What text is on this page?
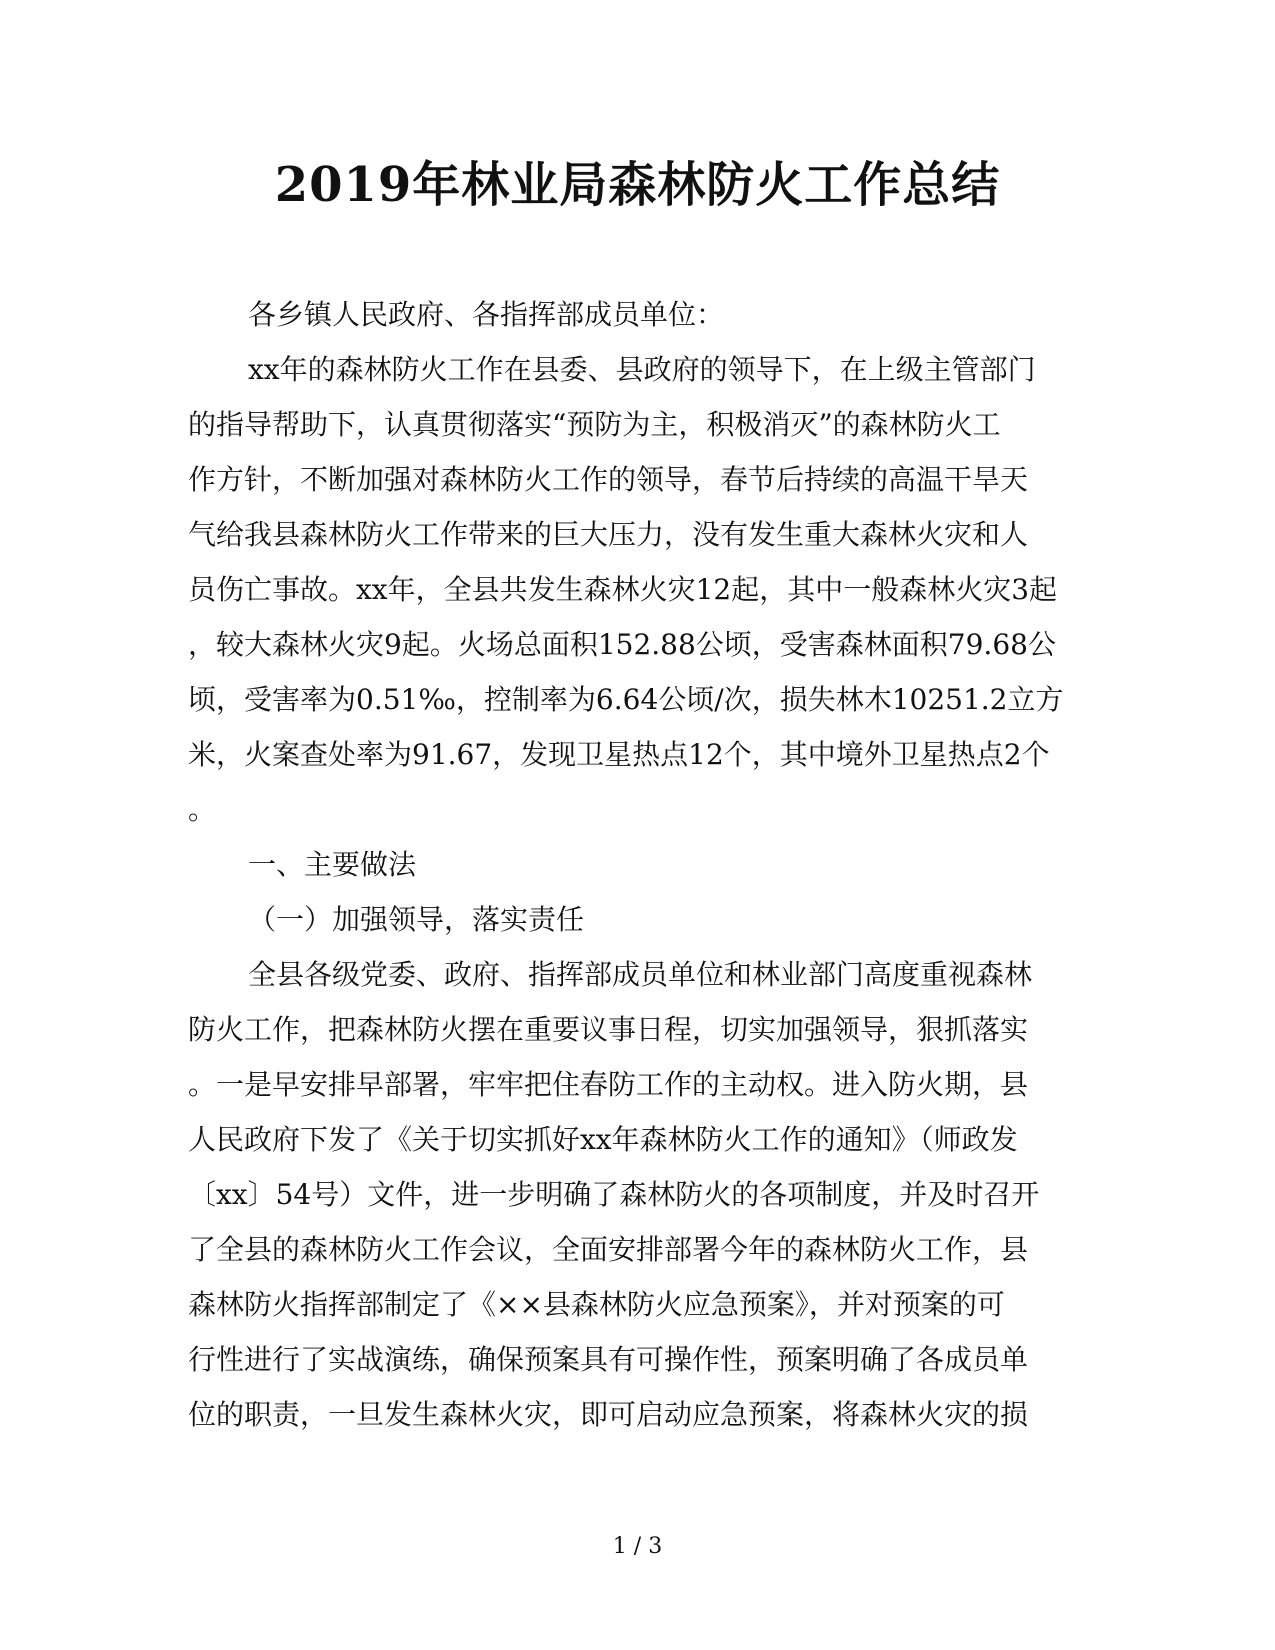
2019年林业局森林防火工作总结
各乡镇人民政府、各指挥部成员单位：
xx年的森林防火工作在县委、县政府的领导下，在上级主管部门
的指导帮助下，认真贯彻落实“预防为主，积极消灭”的森林防火工
作方针，不断加强对森林防火工作的领导，春节后持续的高温干旱天
气给我县森林防火工作带来的巨大压力，没有发生重大森林火灾和人
员伤亡事故。xx年，全县共发生森林火灾12起，其中一般森林火灾3起
，较大森林火灾9起。火场总面积152.88公顷，受害森林面积79.68公
顷，受害率为0.51‰，控制率为6.64公顷/次，损失林木10251.2立方
米，火案查处率为91.67，发现卫星热点12个，其中境外卫星热点2个
。
一、主要做法
（一）加强领导，落实责任
全县各级党委、政府、指挥部成员单位和林业部门高度重视森林
防火工作，把森林防火摆在重要议事日程，切实加强领导，狠抓落实
。一是早安排早部署，牢牢把住春防工作的主动权。进入防火期，县
人民政府下发了《关于切实抓好xx年森林防火工作的通知》（师政发
〔xx〕54号）文件，进一步明确了森林防火的各项制度，并及时召开
了全县的森林防火工作会议，全面安排部署今年的森林防火工作，县
森林防火指挥部制定了《××县森林防火应急预案》，并对预案的可
行性进行了实战演练，确保预案具有可操作性，预案明确了各成员单
位的职责，一旦发生森林火灾，即可启动应急预案，将森林火灾的损
1 / 3
